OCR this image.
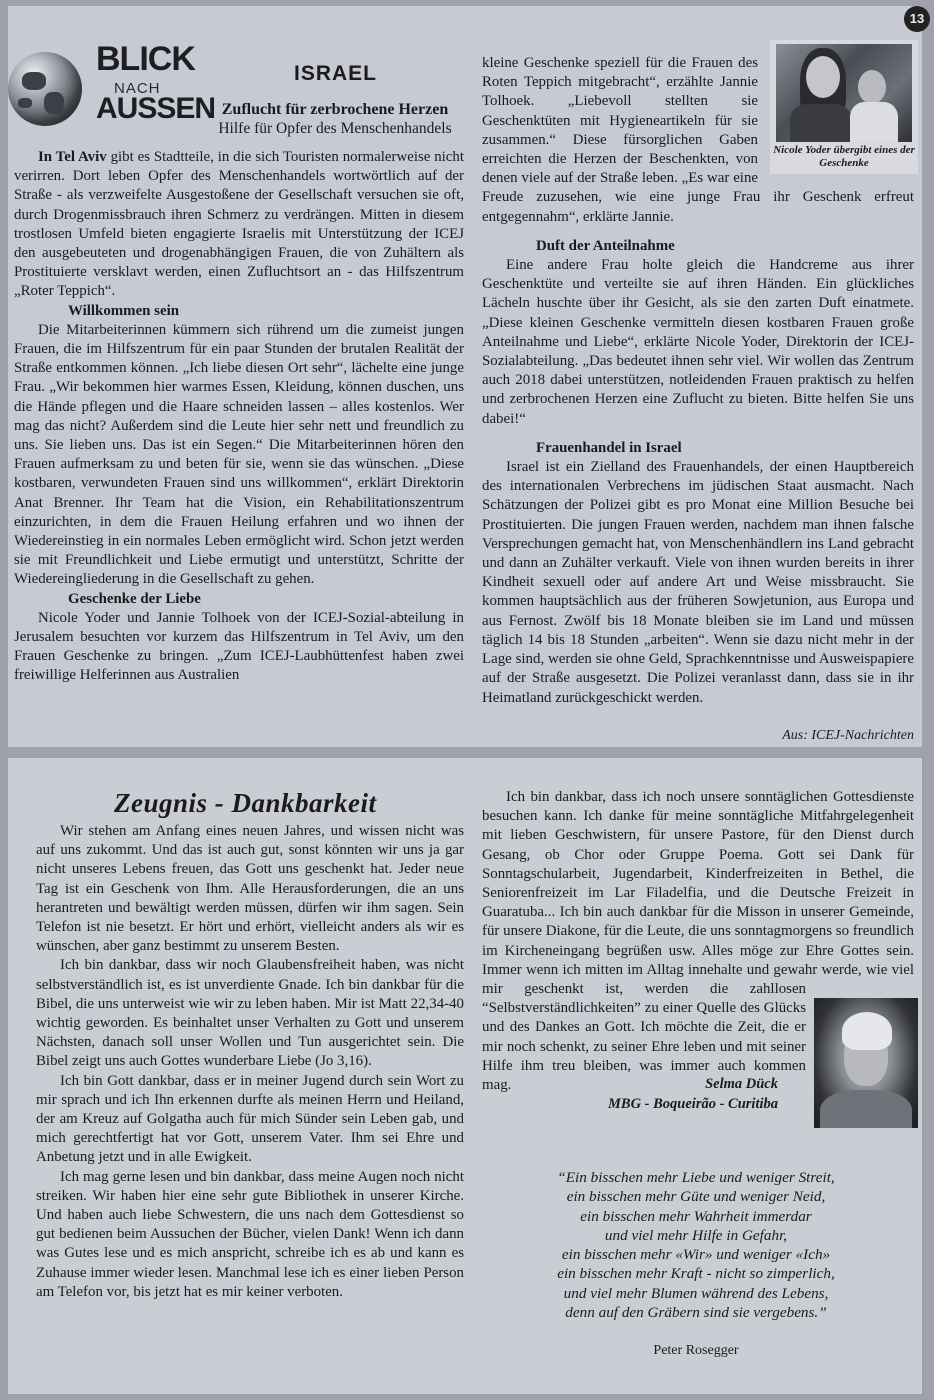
13
BLICK
NACH
AUSSEN
ISRAEL
Zuflucht für zerbrochene Herzen
Hilfe für Opfer des Menschenhandels

In Tel Aviv gibt es Stadtteile, in die sich Touristen normalerweise nicht verirren. Dort leben Opfer des Menschenhandels wortwörtlich auf der Straße - als verzweifelte Ausgestoßene der Gesellschaft versuchen sie oft, durch Drogenmissbrauch ihren Schmerz zu verdrängen. Mitten in diesem trostlosen Umfeld bieten engagierte Israelis mit Unterstützung der ICEJ den ausgebeuteten und drogenabhängigen Frauen, die von Zuhältern als Prostituierte versklavt werden, einen Zufluchtsort an - das Hilfszentrum „Roter Teppich“.

Willkommen sein

Die Mitarbeiterinnen kümmern sich rührend um die zumeist jungen Frauen, die im Hilfszentrum für ein paar Stunden der brutalen Realität der Straße entkommen können. „Ich liebe diesen Ort sehr“, lächelte eine junge Frau. „Wir bekommen hier warmes Essen, Kleidung, können duschen, uns die Hände pflegen und die Haare schneiden lassen – alles kostenlos. Wer mag das nicht? Außerdem sind die Leute hier sehr nett und freundlich zu uns. Sie lieben uns. Das ist ein Segen.“ Die Mitarbeiterinnen hören den Frauen aufmerksam zu und beten für sie, wenn sie das wünschen. „Diese kostbaren, verwundeten Frauen sind uns willkommen“, erklärt Direktorin Anat Brenner. Ihr Team hat die Vision, ein Rehabilitationszentrum einzurichten, in dem die Frauen Heilung erfahren und wo ihnen der Wiedereinstieg in ein normales Leben ermöglicht wird. Schon jetzt werden sie mit Freundlichkeit und Liebe ermutigt und unterstützt, Schritte der Wiedereingliederung in die Gesellschaft zu gehen.

Geschenke der Liebe

Nicole Yoder und Jannie Tolhoek von der ICEJ-Sozial-abteilung in Jerusalem besuchten vor kurzem das Hilfszentrum in Tel Aviv, um den Frauen Geschenke zu bringen. „Zum ICEJ-Laubhüttenfest haben zwei freiwillige Helferinnen aus Australien

Nicole Yoder übergibt eines der Geschenke

kleine Geschenke speziell für die Frauen des Roten Teppich mitgebracht“, erzählte Jannie Tolhoek. „Liebevoll stellten sie Geschenktüten mit Hygieneartikeln für sie zusammen.“ Diese fürsorglichen Gaben erreichten die Herzen der Beschenkten, von denen viele auf der Straße leben. „Es war eine Freude zuzusehen, wie eine junge Frau ihr Geschenk erfreut entgegennahm“, erklärte Jannie.

Duft der Anteilnahme

Eine andere Frau holte gleich die Handcreme aus ihrer Geschenktüte und verteilte sie auf ihren Händen. Ein glückliches Lächeln huschte über ihr Gesicht, als sie den zarten Duft einatmete. „Diese kleinen Geschenke vermitteln diesen kostbaren Frauen große Anteilnahme und Liebe“, erklärte Nicole Yoder, Direktorin der ICEJ-Sozialabteilung. „Das bedeutet ihnen sehr viel. Wir wollen das Zentrum auch 2018 dabei unterstützen, notleidenden Frauen praktisch zu helfen und zerbrochenen Herzen eine Zuflucht zu bieten. Bitte helfen Sie uns dabei!“

Frauenhandel in Israel

Israel ist ein Zielland des Frauenhandels, der einen Hauptbereich des internationalen Verbrechens im jüdischen Staat ausmacht. Nach Schätzungen der Polizei gibt es pro Monat eine Million Besuche bei Prostituierten. Die jungen Frauen werden, nachdem man ihnen falsche Versprechungen gemacht hat, von Menschenhändlern ins Land gebracht und dann an Zuhälter verkauft. Viele von ihnen wurden bereits in ihrer Kindheit sexuell oder auf andere Art und Weise missbraucht. Sie kommen hauptsächlich aus der früheren Sowjetunion, aus Europa und aus Fernost. Zwölf bis 18 Monate bleiben sie im Land und müssen täglich 14 bis 18 Stunden „arbeiten“. Wenn sie dazu nicht mehr in der Lage sind, werden sie ohne Geld, Sprachkenntnisse und Ausweispapiere auf der Straße ausgesetzt. Die Polizei veranlasst dann, dass sie in ihr Heimatland zurückgeschickt werden.

Aus: ICEJ-Nachrichten
Zeugnis - Dankbarkeit

Wir stehen am Anfang eines neuen Jahres, und wissen nicht was auf uns zukommt. Und das ist auch gut, sonst könnten wir uns ja gar nicht unseres Lebens freuen, das Gott uns geschenkt hat. Jeder neue Tag ist ein Geschenk von Ihm. Alle Herausforderungen, die an uns herantreten und bewältigt werden müssen, dürfen wir ihm sagen. Sein Telefon ist nie besetzt. Er hört und erhört, vielleicht anders als wir es wünschen, aber ganz bestimmt zu unserem Besten.

Ich bin dankbar, dass wir noch Glaubensfreiheit haben, was nicht selbstverständlich ist, es ist unverdiente Gnade. Ich bin dankbar für die Bibel, die uns unterweist wie wir zu leben haben. Mir ist Matt 22,34-40 wichtig geworden. Es beinhaltet unser Verhalten zu Gott und unserem Nächsten, danach soll unser Wollen und Tun ausgerichtet sein. Die Bibel zeigt uns auch Gottes wunderbare Liebe (Jo 3,16).

Ich bin Gott dankbar, dass er in meiner Jugend durch sein Wort zu mir sprach und ich Ihn erkennen durfte als meinen Herrn und Heiland, der am Kreuz auf Golgatha auch für mich Sünder sein Leben gab, und mich gerechtfertigt hat vor Gott, unserem Vater. Ihm sei Ehre und Anbetung jetzt und in alle Ewigkeit.

Ich mag gerne lesen und bin dankbar, dass meine Augen noch nicht streiken. Wir haben hier eine sehr gute Bibliothek in unserer Kirche. Und haben auch liebe Schwestern, die uns nach dem Gottesdienst so gut bedienen beim Aussuchen der Bücher, vielen Dank! Wenn ich dann was Gutes lese und es mich anspricht, schreibe ich es ab und kann es Zuhause immer wieder lesen. Manchmal lese ich es einer lieben Person am Telefon vor, bis jetzt hat es mir keiner verboten.

Ich bin dankbar, dass ich noch unsere sonntäglichen Gottesdienste besuchen kann. Ich danke für meine sonntägliche Mitfahrgelegenheit mit lieben Geschwistern, für unsere Pastore, für den Dienst durch Gesang, ob Chor oder Gruppe Poema. Gott sei Dank für Sonntagschularbeit, Jugendarbeit, Kinderfreizeiten in Bethel, die Seniorenfreizeit im Lar Filadelfia, und die Deutsche Freizeit in Guaratuba... Ich bin auch dankbar für die Misson in unserer Gemeinde, für unsere Diakone, für die Leute, die uns sonntagmorgens so freundlich im Kircheneingang begrüßen usw. Alles möge zur Ehre Gottes sein. Immer wenn ich mitten im Alltag innehalte und gewahr werde, wie viel mir geschenkt ist, werden die zahllosen “Selbstverständlichkeiten” zu einer Quelle des Glücks und des Dankes an Gott. Ich möchte die Zeit, die er mir noch schenkt, zu seiner Ehre leben und mit seiner Hilfe ihm treu bleiben, was immer auch kommen mag.	Selma Dück
MBG - Boqueirão - Curitiba
“Ein bisschen mehr Liebe und weniger Streit,
ein bisschen mehr Güte und weniger Neid,
ein bisschen mehr Wahrheit immerdar
und viel mehr Hilfe in Gefahr,
ein bisschen mehr «Wir» und weniger «Ich»
ein bisschen mehr Kraft - nicht so zimperlich,
und viel mehr Blumen während des Lebens,
denn auf den Gräbern sind sie vergebens.”
Peter Rosegger
